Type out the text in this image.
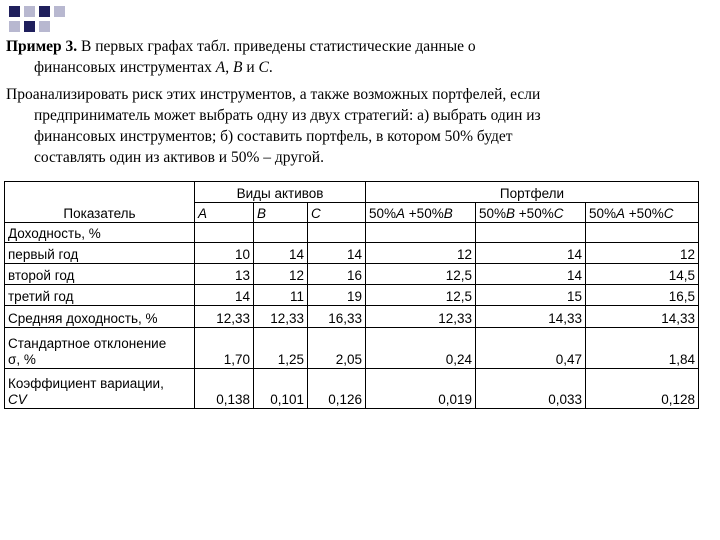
Пример 3. В первых графах табл. приведены статистические данные о
финансовых инструментах А, В и С.
Проанализировать риск этих инструментов, а также возможных портфелей, если
предприниматель может выбрать одну из двух стратегий: а) выбрать один из
финансовых инструментов; б) составить портфель, в котором 50% будет
составлять один из активов и 50% – другой.
Показатель	Виды активов			Портфели		
	A	B	C	50%A +50%B	50%B +50%C	50%A +50%C
Доходность, %						
первый год	10	14	14	12	14	12
второй год	13	12	16	12,5	14	14,5
третий год	14	11	19	12,5	15	16,5
Средняя доходность, %	12,33	12,33	16,33	12,33	14,33	14,33
Стандартное отклонение
σ, %	1,70	1,25	2,05	0,24	0,47	1,84
Коэффициент вариации,
CV	0,138	0,101	0,126	0,019	0,033	0,128
